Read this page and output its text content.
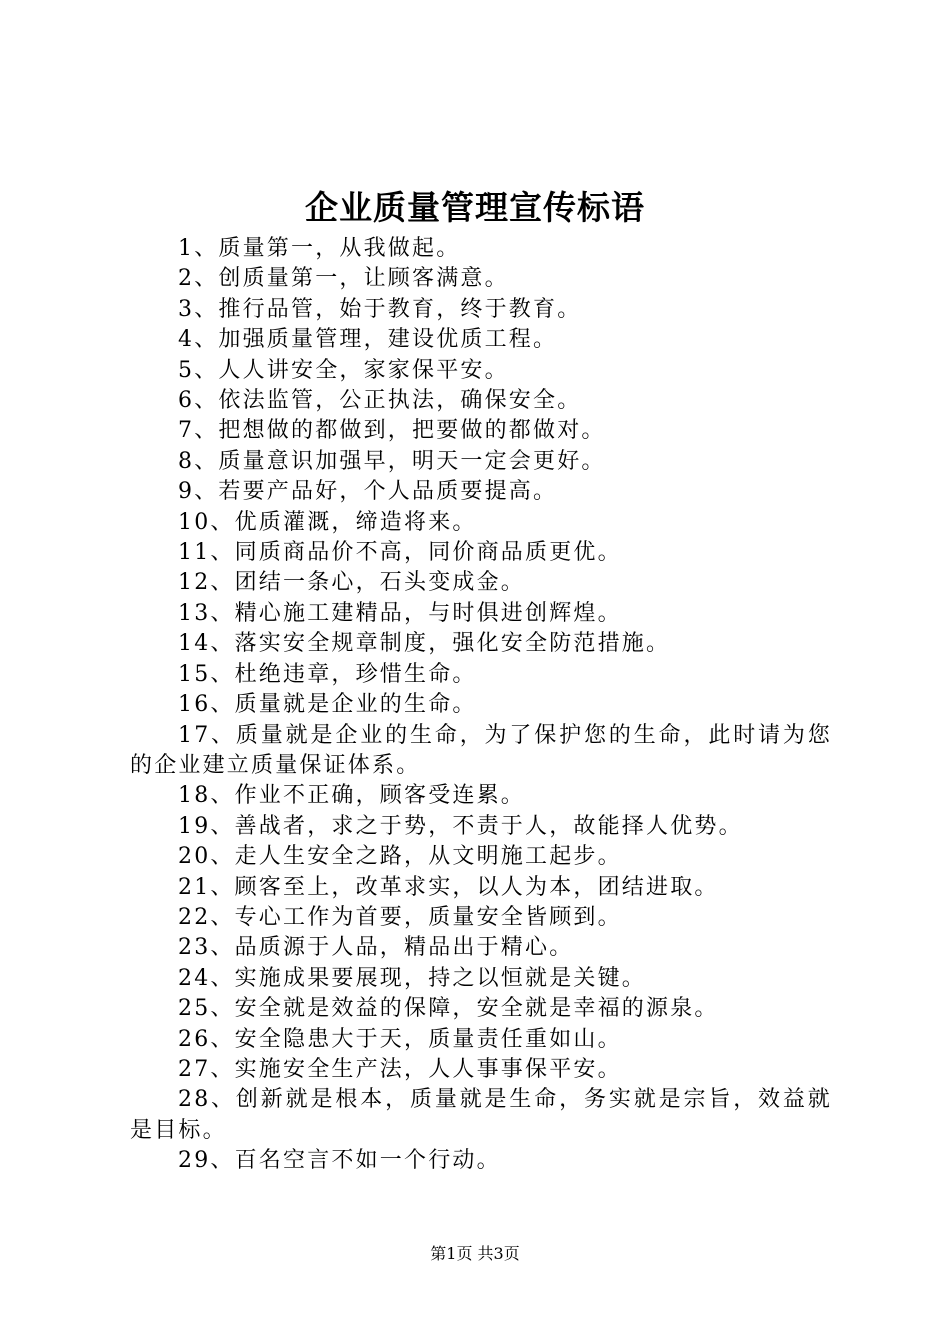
企业质量管理宣传标语

1、质量第一，从我做起。

2、创质量第一，让顾客满意。

3、推行品管，始于教育，终于教育。

4、加强质量管理，建设优质工程。

5、人人讲安全，家家保平安。

6、依法监管，公正执法，确保安全。

7、把想做的都做到，把要做的都做对。

8、质量意识加强早，明天一定会更好。

9、若要产品好，个人品质要提高。

10、优质灌溉，缔造将来。

11、同质商品价不高，同价商品质更优。

12、团结一条心，石头变成金。

13、精心施工建精品，与时俱进创辉煌。

14、落实安全规章制度，强化安全防范措施。

15、杜绝违章，珍惜生命。

16、质量就是企业的生命。

17、质量就是企业的生命，为了保护您的生命，此时请为您的企业建立质量保证体系。

18、作业不正确，顾客受连累。

19、善战者，求之于势，不责于人，故能择人优势。

20、走人生安全之路，从文明施工起步。

21、顾客至上，改革求实，以人为本，团结进取。

22、专心工作为首要，质量安全皆顾到。

23、品质源于人品，精品出于精心。

24、实施成果要展现，持之以恒就是关键。

25、安全就是效益的保障，安全就是幸福的源泉。

26、安全隐患大于天，质量责任重如山。

27、实施安全生产法，人人事事保平安。

28、创新就是根本，质量就是生命，务实就是宗旨，效益就是目标。

29、百名空言不如一个行动。

第1页 共3页
